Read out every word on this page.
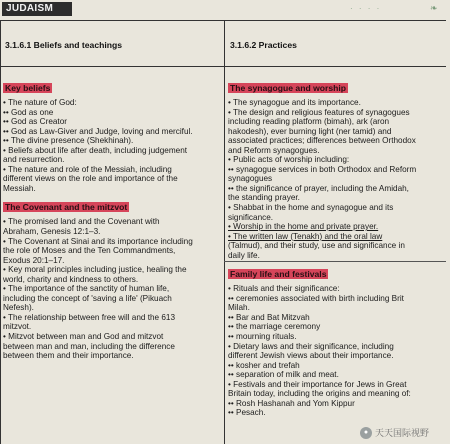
JUDAISM	· · · ·	❧
3.1.6.1 Beliefs and teachings	3.1.6.2 Practices
Key beliefs
• The nature of God:
•• God as one
•• God as Creator
•• God as Law-Giver and Judge, loving and merciful.
•• The divine presence (Shekhinah).
• Beliefs about life after death, including judgement
and resurrection.
• The nature and role of the Messiah, including
different views on the role and importance of the
Messiah.
The Covenant and the mitzvot
• The promised land and the Covenant with
Abraham, Genesis 12:1–3.
• The Covenant at Sinai and its importance including
the role of Moses and the Ten Commandments,
Exodus 20:1–17.
• Key moral principles including justice, healing the
world, charity and kindness to others.
• The importance of the sanctity of human life,
including the concept of 'saving a life' (Pikuach
Nefesh).
• The relationship between free will and the 613
mitzvot.
• Mitzvot between man and God and mitzvot
between man and man, including the difference
between them and their importance.
The synagogue and worship
• The synagogue and its importance.
• The design and religious features of synagogues
including reading platform (bimah), ark (aron
hakodesh), ever burning light (ner tamid) and
associated practices; differences between Orthodox
and Reform synagogues.
• Public acts of worship including:
•• synagogue services in both Orthodox and Reform
synagogues
•• the significance of prayer, including the Amidah,
the standing prayer.
• Shabbat in the home and synagogue and its
significance.
• Worship in the home and private prayer.
• The written law (Tenakh) and the oral law
(Talmud), and their study, use and significance in
daily life.
Family life and festivals
• Rituals and their significance:
•• ceremonies associated with birth including Brit
Milah.
•• Bar and Bat Mitzvah
•• the marriage ceremony
•• mourning rituals.
• Dietary laws and their significance, including
different Jewish views about their importance.
•• kosher and trefah
•• separation of milk and meat.
• Festivals and their importance for Jews in Great
Britain today, including the origins and meaning of:
•• Rosh Hashanah and Yom Kippur
•• Pesach.
● 天天国际视野
